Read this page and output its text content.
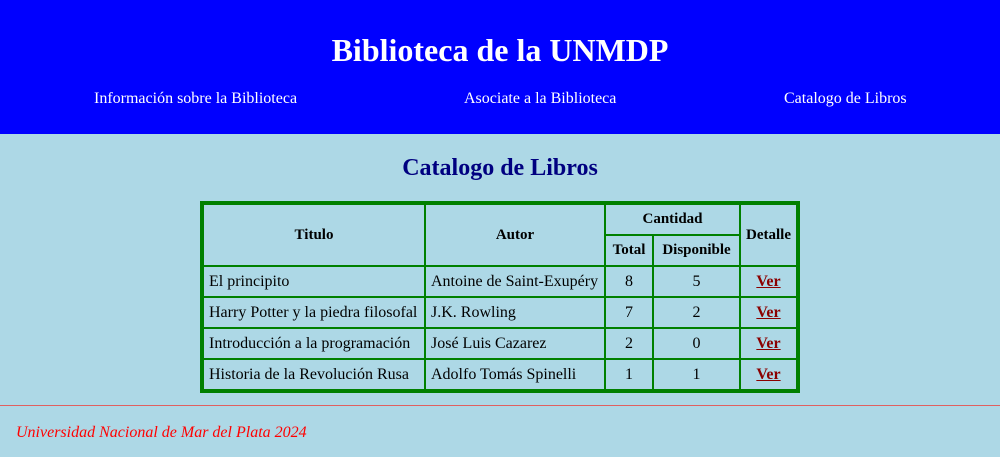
Biblioteca de la UNMDP
Información sobre la Biblioteca	Asociate a la Biblioteca	Catalogo de Libros
Catalogo de Libros
Titulo	Autor	Cantidad		Detalle
		Total	Disponible	
El principito	Antoine de Saint-Exupéry	8	5	Ver
Harry Potter y la piedra filosofal	J.K. Rowling	7	2	Ver
Introducción a la programación	José Luis Cazarez	2	0	Ver
Historia de la Revolución Rusa	Adolfo Tomás Spinelli	1	1	Ver

Universidad Nacional de Mar del Plata 2024
